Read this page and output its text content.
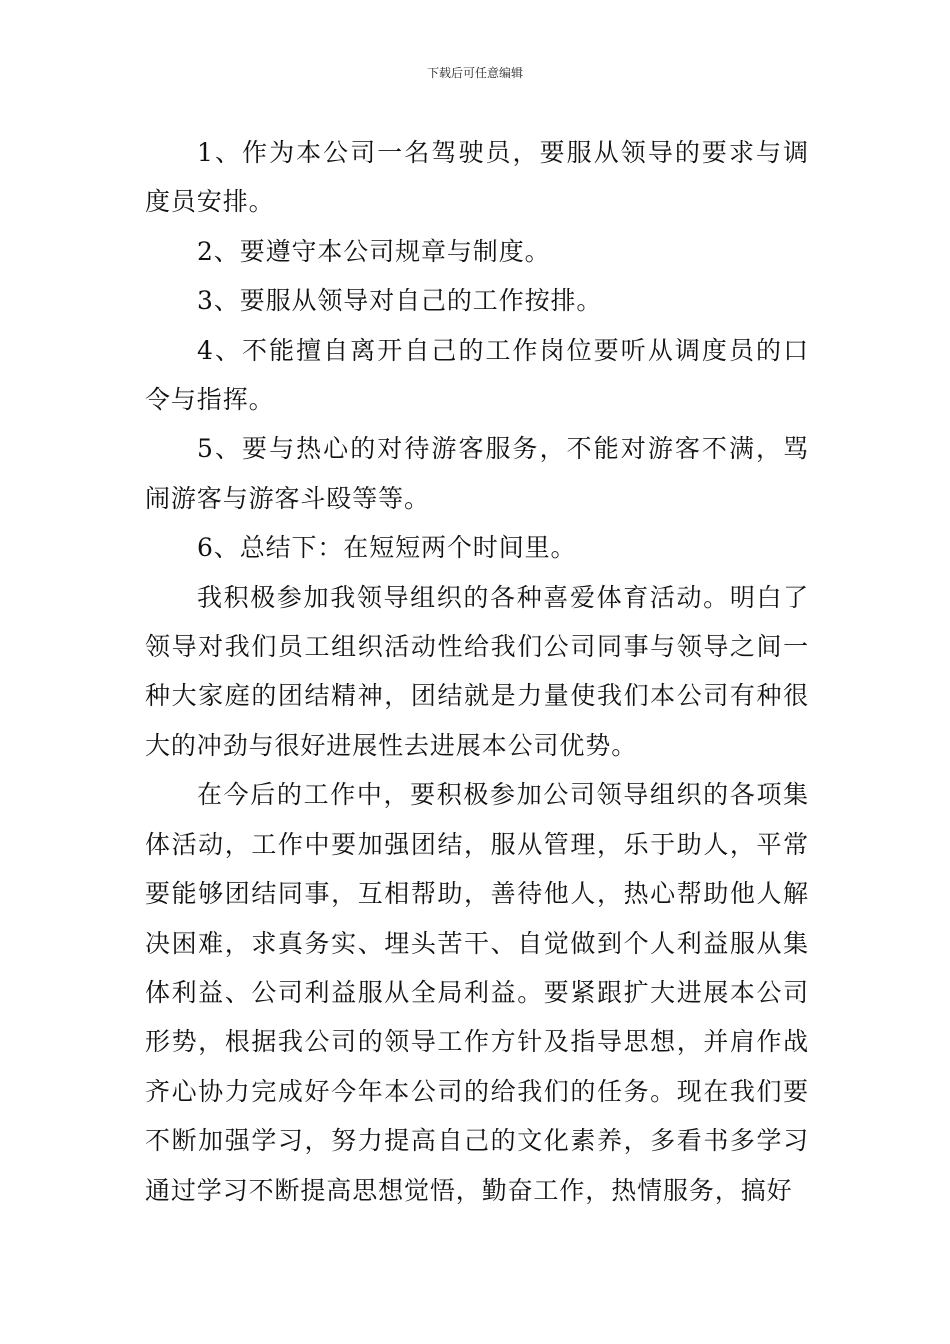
下载后可任意编辑

1、作为本公司一名驾驶员，要服从领导的要求与调度员安排。

2、要遵守本公司规章与制度。

3、要服从领导对自己的工作按排。

4、不能擅自离开自己的工作岗位要听从调度员的口令与指挥。

5、要与热心的对待游客服务，不能对游客不满，骂闹游客与游客斗殴等等。

6、总结下：在短短两个时间里。

我积极参加我领导组织的各种喜爱体育活动。明白了领导对我们员工组织活动性给我们公司同事与领导之间一种大家庭的团结精神，团结就是力量使我们本公司有种很大的冲劲与很好进展性去进展本公司优势。

在今后的工作中，要积极参加公司领导组织的各项集体活动，工作中要加强团结，服从管理，乐于助人，平常要能够团结同事，互相帮助，善待他人，热心帮助他人解决困难，求真务实、埋头苦干、自觉做到个人利益服从集体利益、公司利益服从全局利益。要紧跟扩大进展本公司形势，根据我公司的领导工作方针及指导思想，并肩作战齐心协力完成好今年本公司的给我们的任务。现在我们要不断加强学习，努力提高自己的文化素养，多看书多学习通过学习不断提高思想觉悟，勤奋工作，热情服务，搞好
